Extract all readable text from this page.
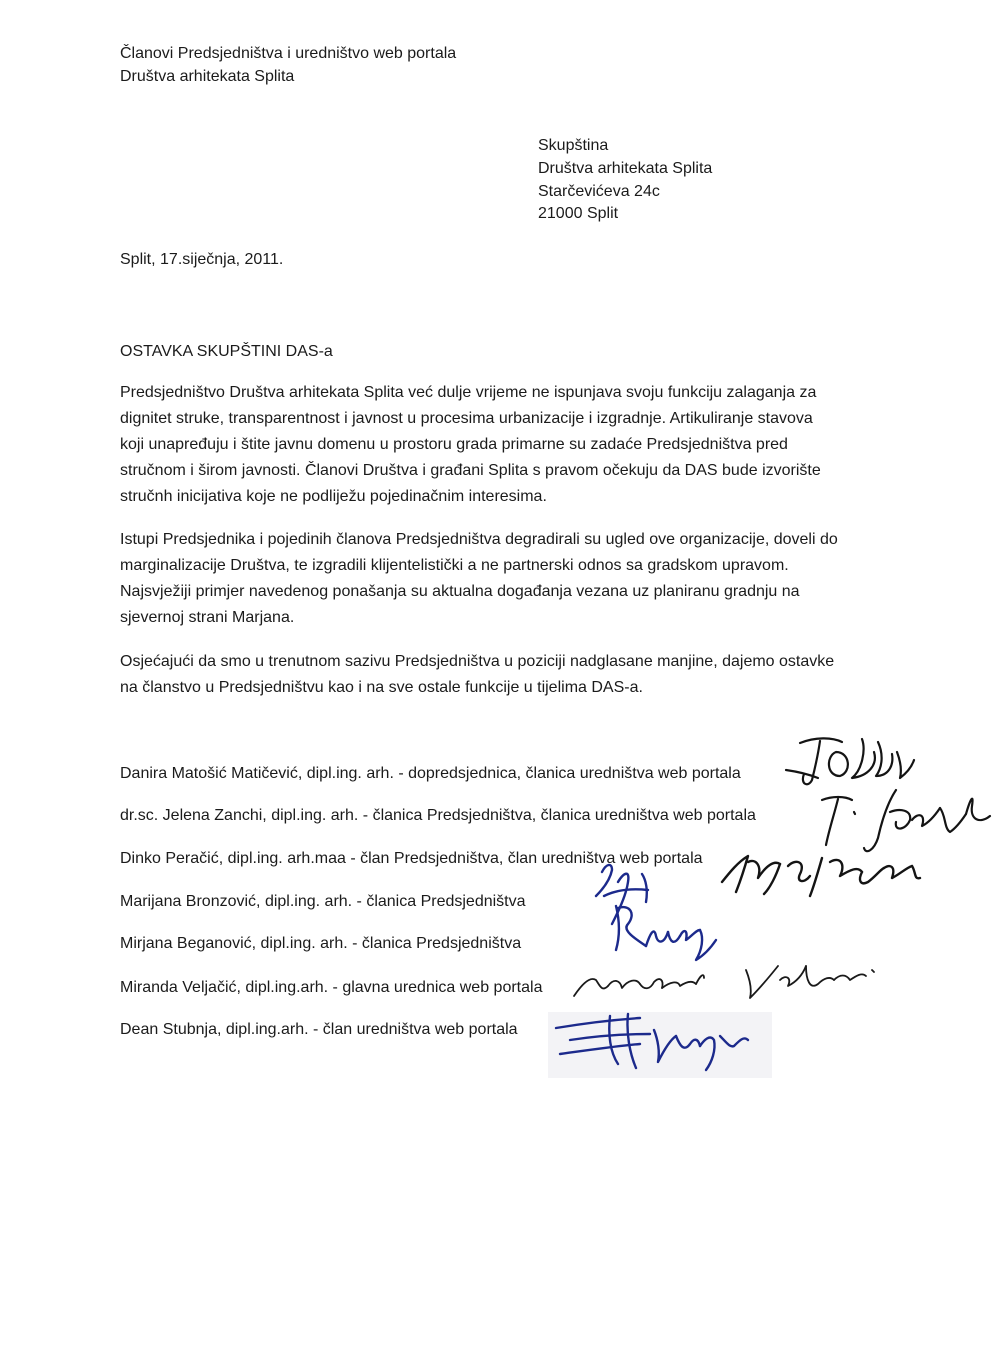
Članovi Predsjedništva i uredništvo web portala
Društva arhitekata Splita
Skupština
Društva arhitekata Splita
Starčevićeva 24c
21000 Split
Split, 17.siječnja, 2011.
OSTAVKA SKUPŠTINI DAS-a
Predsjedništvo Društva arhitekata Splita već dulje vrijeme ne ispunjava svoju funkciju zalaganja za
dignitet struke, transparentnost i javnost u procesima urbanizacije i izgradnje. Artikuliranje stavova
koji unapređuju i štite javnu domenu u prostoru grada primarne su zadaće Predsjedništva pred
stručnom i širom javnosti. Članovi Društva i građani Splita s pravom očekuju da DAS bude izvorište
stručnh inicijativa koje ne podliježu pojedinačnim interesima.
Istupi Predsjednika i pojedinih članova Predsjedništva degradirali su ugled ove organizacije, doveli do
marginalizacije Društva, te izgradili klijentelistički a ne partnerski odnos sa gradskom upravom.
Najsvježiji primjer navedenog ponašanja su aktualna događanja vezana uz planiranu gradnju na
sjevernoj strani Marjana.
Osjećajući da smo u trenutnom sazivu Predsjedništva u poziciji nadglasane manjine, dajemo ostavke
na članstvo u Predsjedništvu kao i na sve ostale funkcije u tijelima DAS-a.
Danira Matošić Matičević, dipl.ing. arh. - dopredsjednica, članica uredništva web portala
dr.sc. Jelena Zanchi, dipl.ing. arh. - članica Predsjedništva, članica uredništva web portala
Dinko Peračić, dipl.ing. arh.maa - član Predsjedništva, član uredništva web portala
Marijana Bronzović, dipl.ing. arh. - članica Predsjedništva
Mirjana Beganović, dipl.ing. arh. - članica Predsjedništva
Miranda Veljačić, dipl.ing.arh. - glavna urednica web portala
Dean Stubnja, dipl.ing.arh. - član uredništva web portala
